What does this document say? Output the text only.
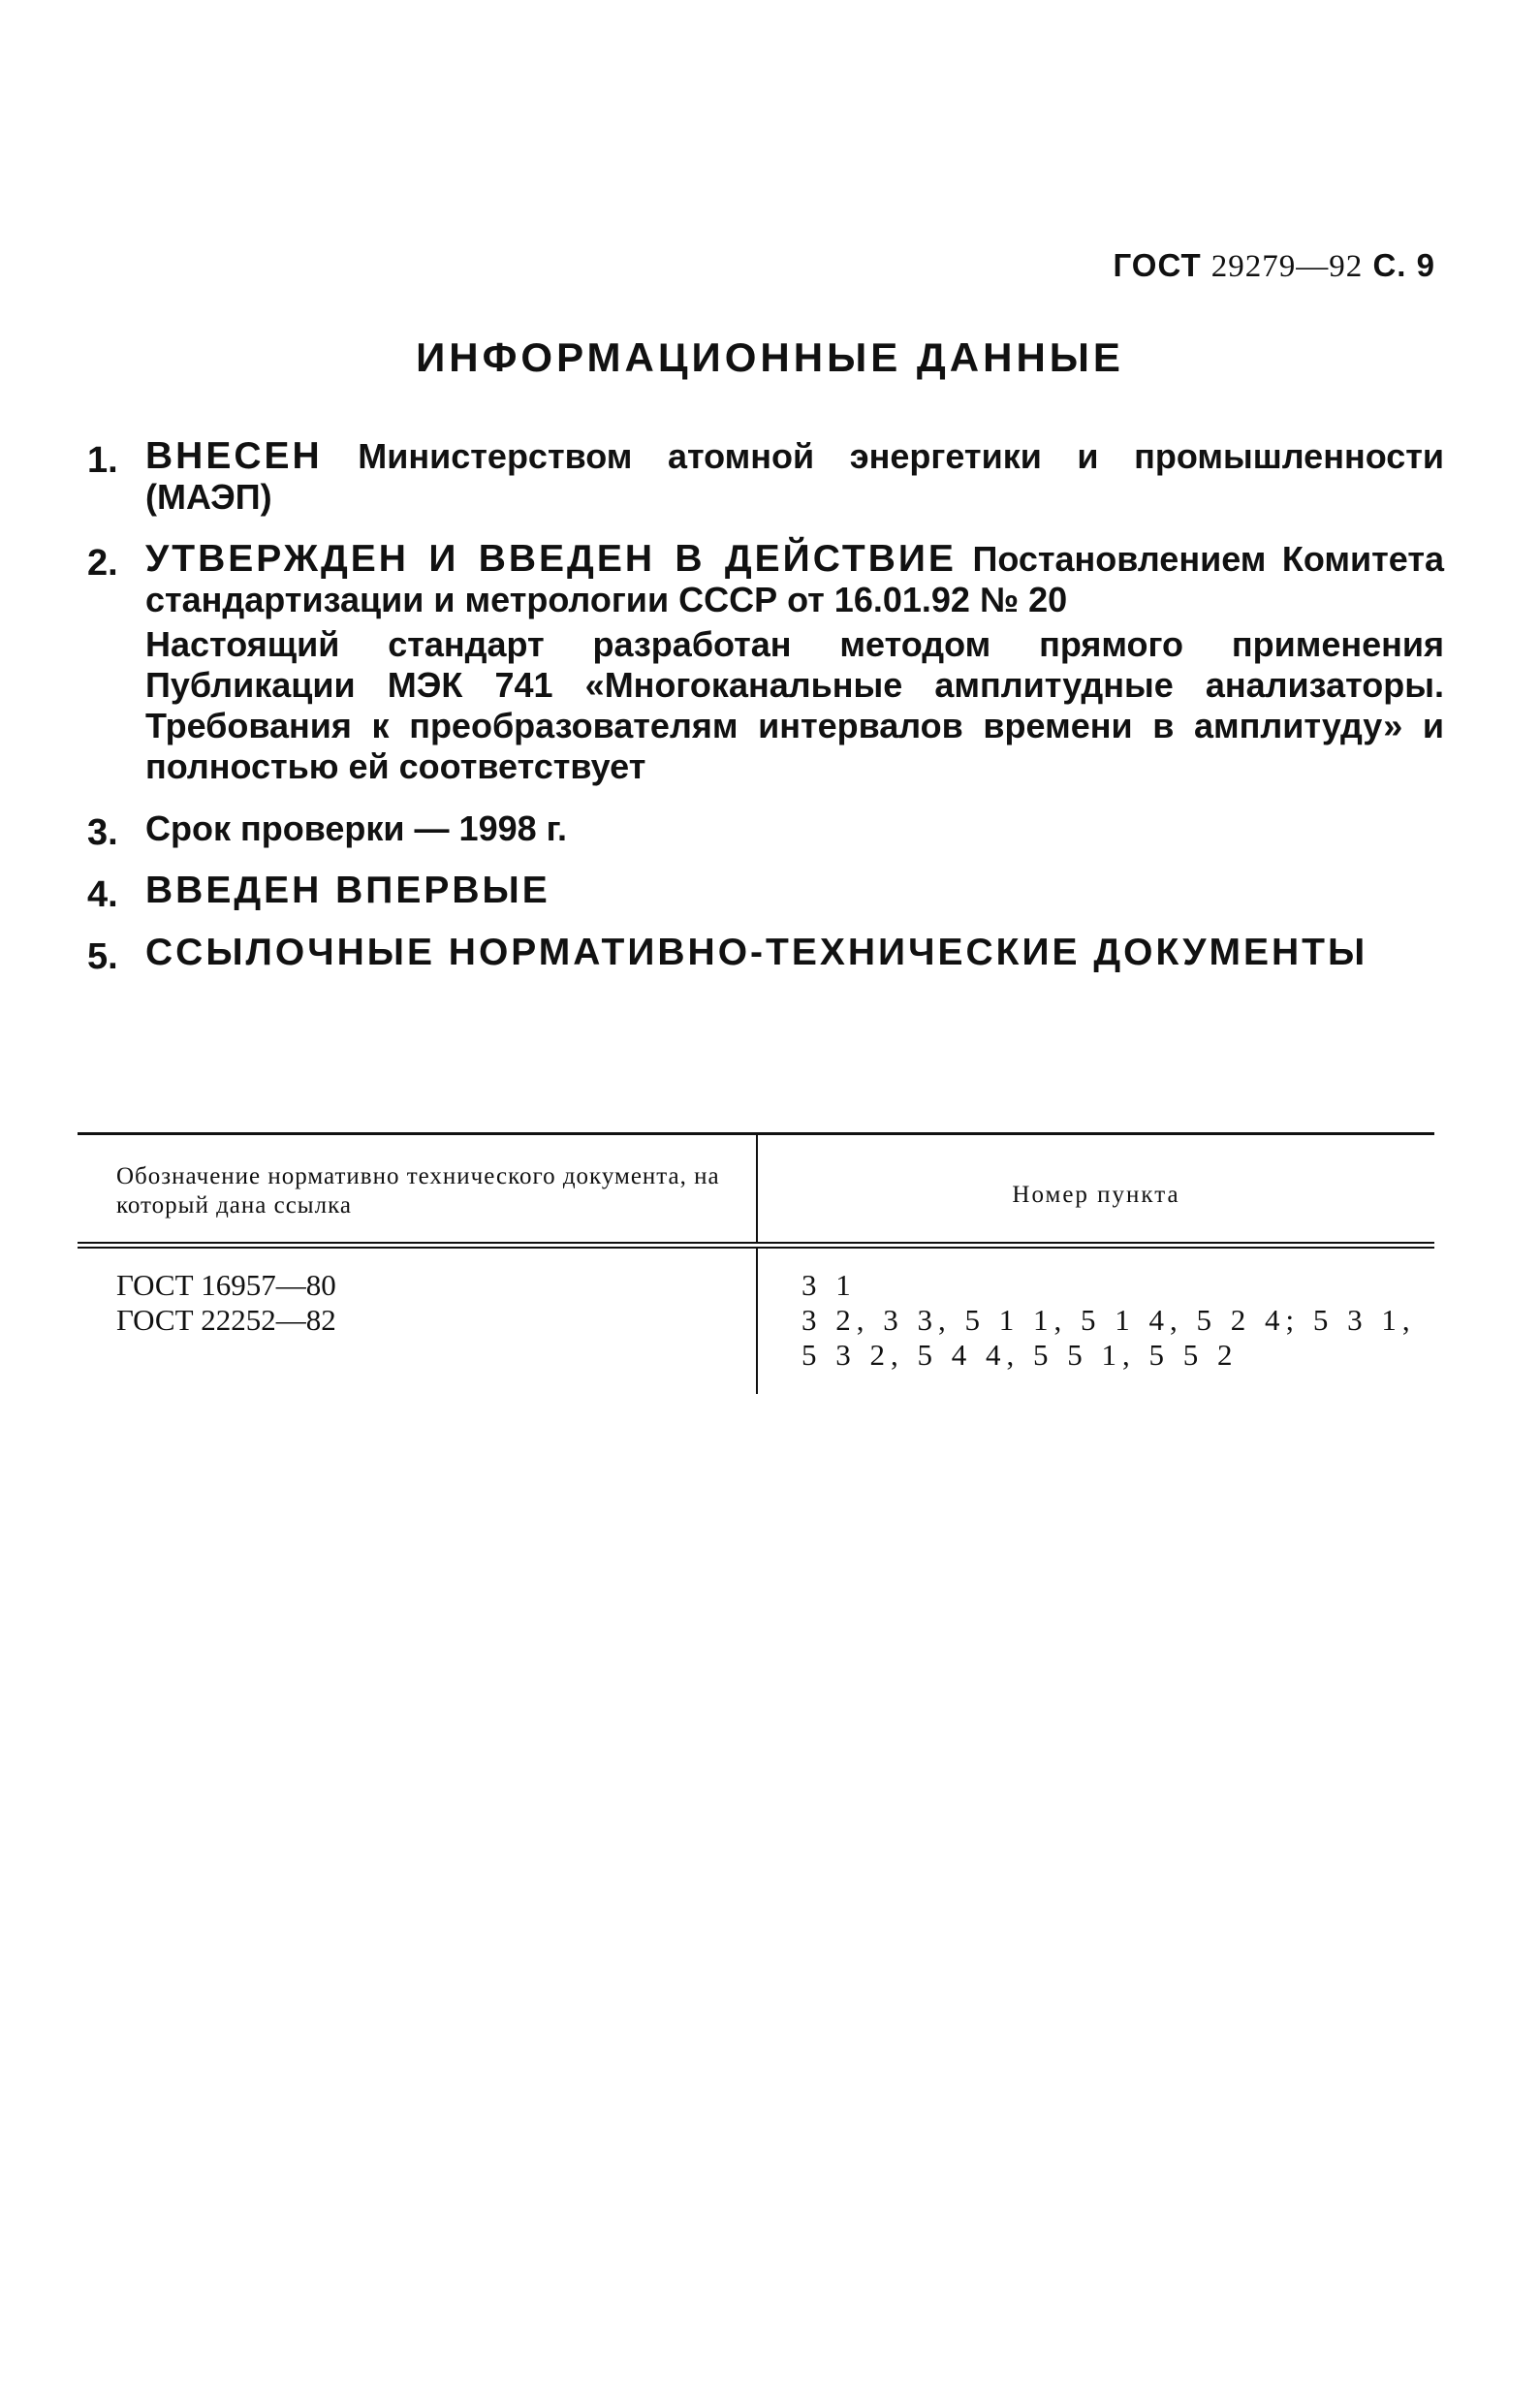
ГОСТ 29279—92 С. 9
ИНФОРМАЦИОННЫЕ ДАННЫЕ
1. ВНЕСЕН Министерством атомной энергетики и промышленности (МАЭП)

2. УТВЕРЖДЕН И ВВЕДЕН В ДЕЙСТВИЕ Постановлением Комитета стандартизации и метрологии СССР от 16.01.92 № 20

Настоящий стандарт разработан методом прямого применения Публикации МЭК 741 «Многоканальные амплитудные анализаторы. Требования к преобразователям интервалов времени в амплитуду» и полностью ей соответствует

3. Срок проверки — 1998 г.

4. ВВЕДЕН ВПЕРВЫЕ

5. ССЫЛОЧНЫЕ НОРМАТИВНО-ТЕХНИЧЕСКИЕ ДОКУМЕНТЫ

Обозначение нормативно технического документа, на который дана ссылка	Номер пункта
ГОСТ 16957—80
ГОСТ 22252—82
3 1
3 2, 3 3, 5 1 1, 5 1 4, 5 2 4; 5 3 1, 5 3 2, 5 4 4, 5 5 1, 5 5 2
